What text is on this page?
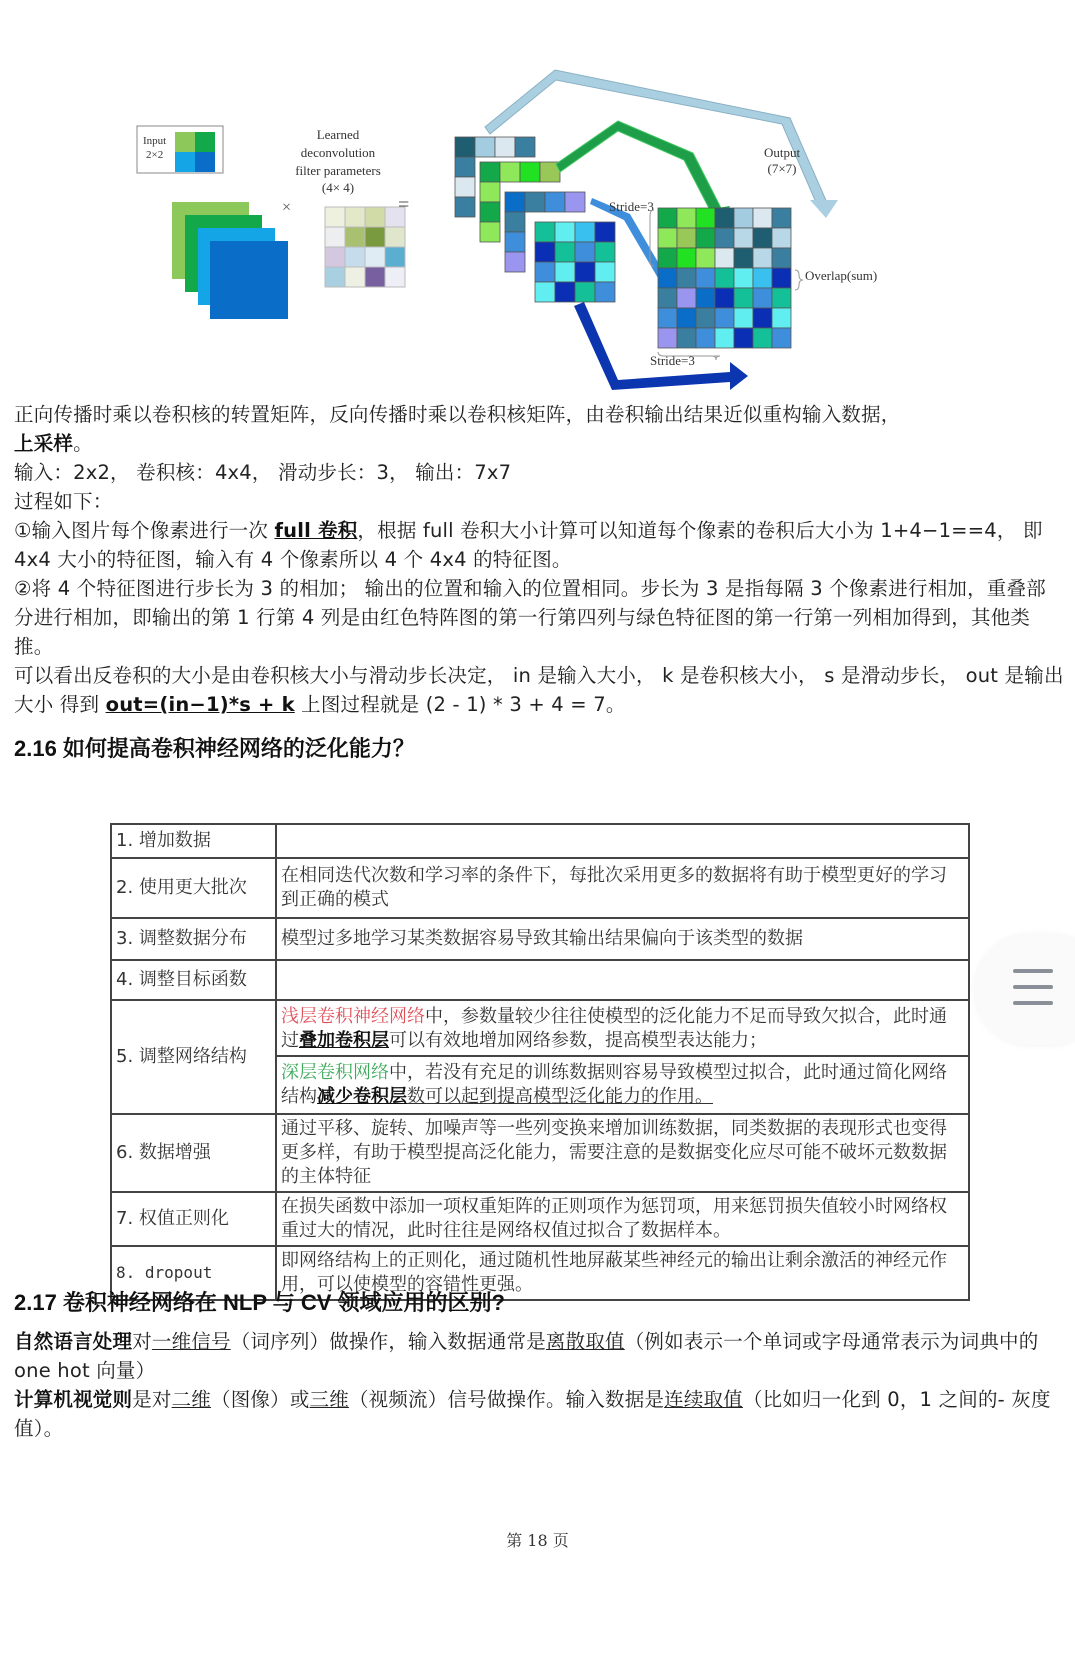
Input
2×2
×
Learned
deconvolution
filter parameters
(4× 4)
=	Stride=3
Output
(7×7)
Overlap(sum)
Stride=3

正向传播时乘以卷积核的转置矩阵，反向传播时乘以卷积核矩阵，由卷积输出结果近似重构输入数据，

上采样。

输入：2x2， 卷积核：4x4， 滑动步长：3， 输出：7x7

过程如下：

①输入图片每个像素进行一次 full 卷积，根据 full 卷积大小计算可以知道每个像素的卷积后大小为 1+4−1==4， 即 4x4 大小的特征图，输入有 4 个像素所以 4 个 4x4 的特征图。

②将 4 个特征图进行步长为 3 的相加； 输出的位置和输入的位置相同。步长为 3 是指每隔 3 个像素进行相加，重叠部分进行相加，即输出的第 1 行第 4 列是由红色特阵图的第一行第四列与绿色特征图的第一行第一列相加得到，其他类推。

可以看出反卷积的大小是由卷积核大小与滑动步长决定， in 是输入大小， k 是卷积核大小， s 是滑动步长， out 是输出大小 得到 out=(in−1)*s + k 上图过程就是 (2 - 1) * 3 + 4 = 7。

2.16 如何提高卷积神经网络的泛化能力？
1. 增加数据	
2. 使用更大批次	在相同迭代次数和学习率的条件下，每批次采用更多的数据将有助于模型更好的学习到正确的模式
3. 调整数据分布	模型过多地学习某类数据容易导致其输出结果偏向于该类型的数据
4. 调整目标函数	
5. 调整网络结构	浅层卷积神经网络中，参数量较少往往使模型的泛化能力不足而导致欠拟合，此时通过叠加卷积层可以有效地增加网络参数，提高模型表达能力；
深层卷积网络中，若没有充足的训练数据则容易导致模型过拟合，此时通过简化网络结构减少卷积层数可以起到提高模型泛化能力的作用。

6. 数据增强	通过平移、旋转、加噪声等一些列变换来增加训练数据，同类数据的表现形式也变得更多样，有助于模型提高泛化能力，需要注意的是数据变化应尽可能不破坏元数数据的主体特征
7. 权值正则化	在损失函数中添加一项权重矩阵的正则项作为惩罚项，用来惩罚损失值较小时网络权重过大的情况，此时往往是网络权值过拟合了数据样本。
8. dropout	即网络结构上的正则化，通过随机性地屏蔽某些神经元的输出让剩余激活的神经元作用，可以使模型的容错性更强。
2.17 卷积神经网络在 NLP 与 CV 领域应用的区别?

自然语言处理对一维信号（词序列）做操作，输入数据通常是离散取值（例如表示一个单词或字母通常表示为词典中的 one hot 向量）

计算机视觉则是对二维（图像）或三维（视频流）信号做操作。输入数据是连续取值（比如归一化到 0，1 之间的- 灰度值）。

第 18 页
